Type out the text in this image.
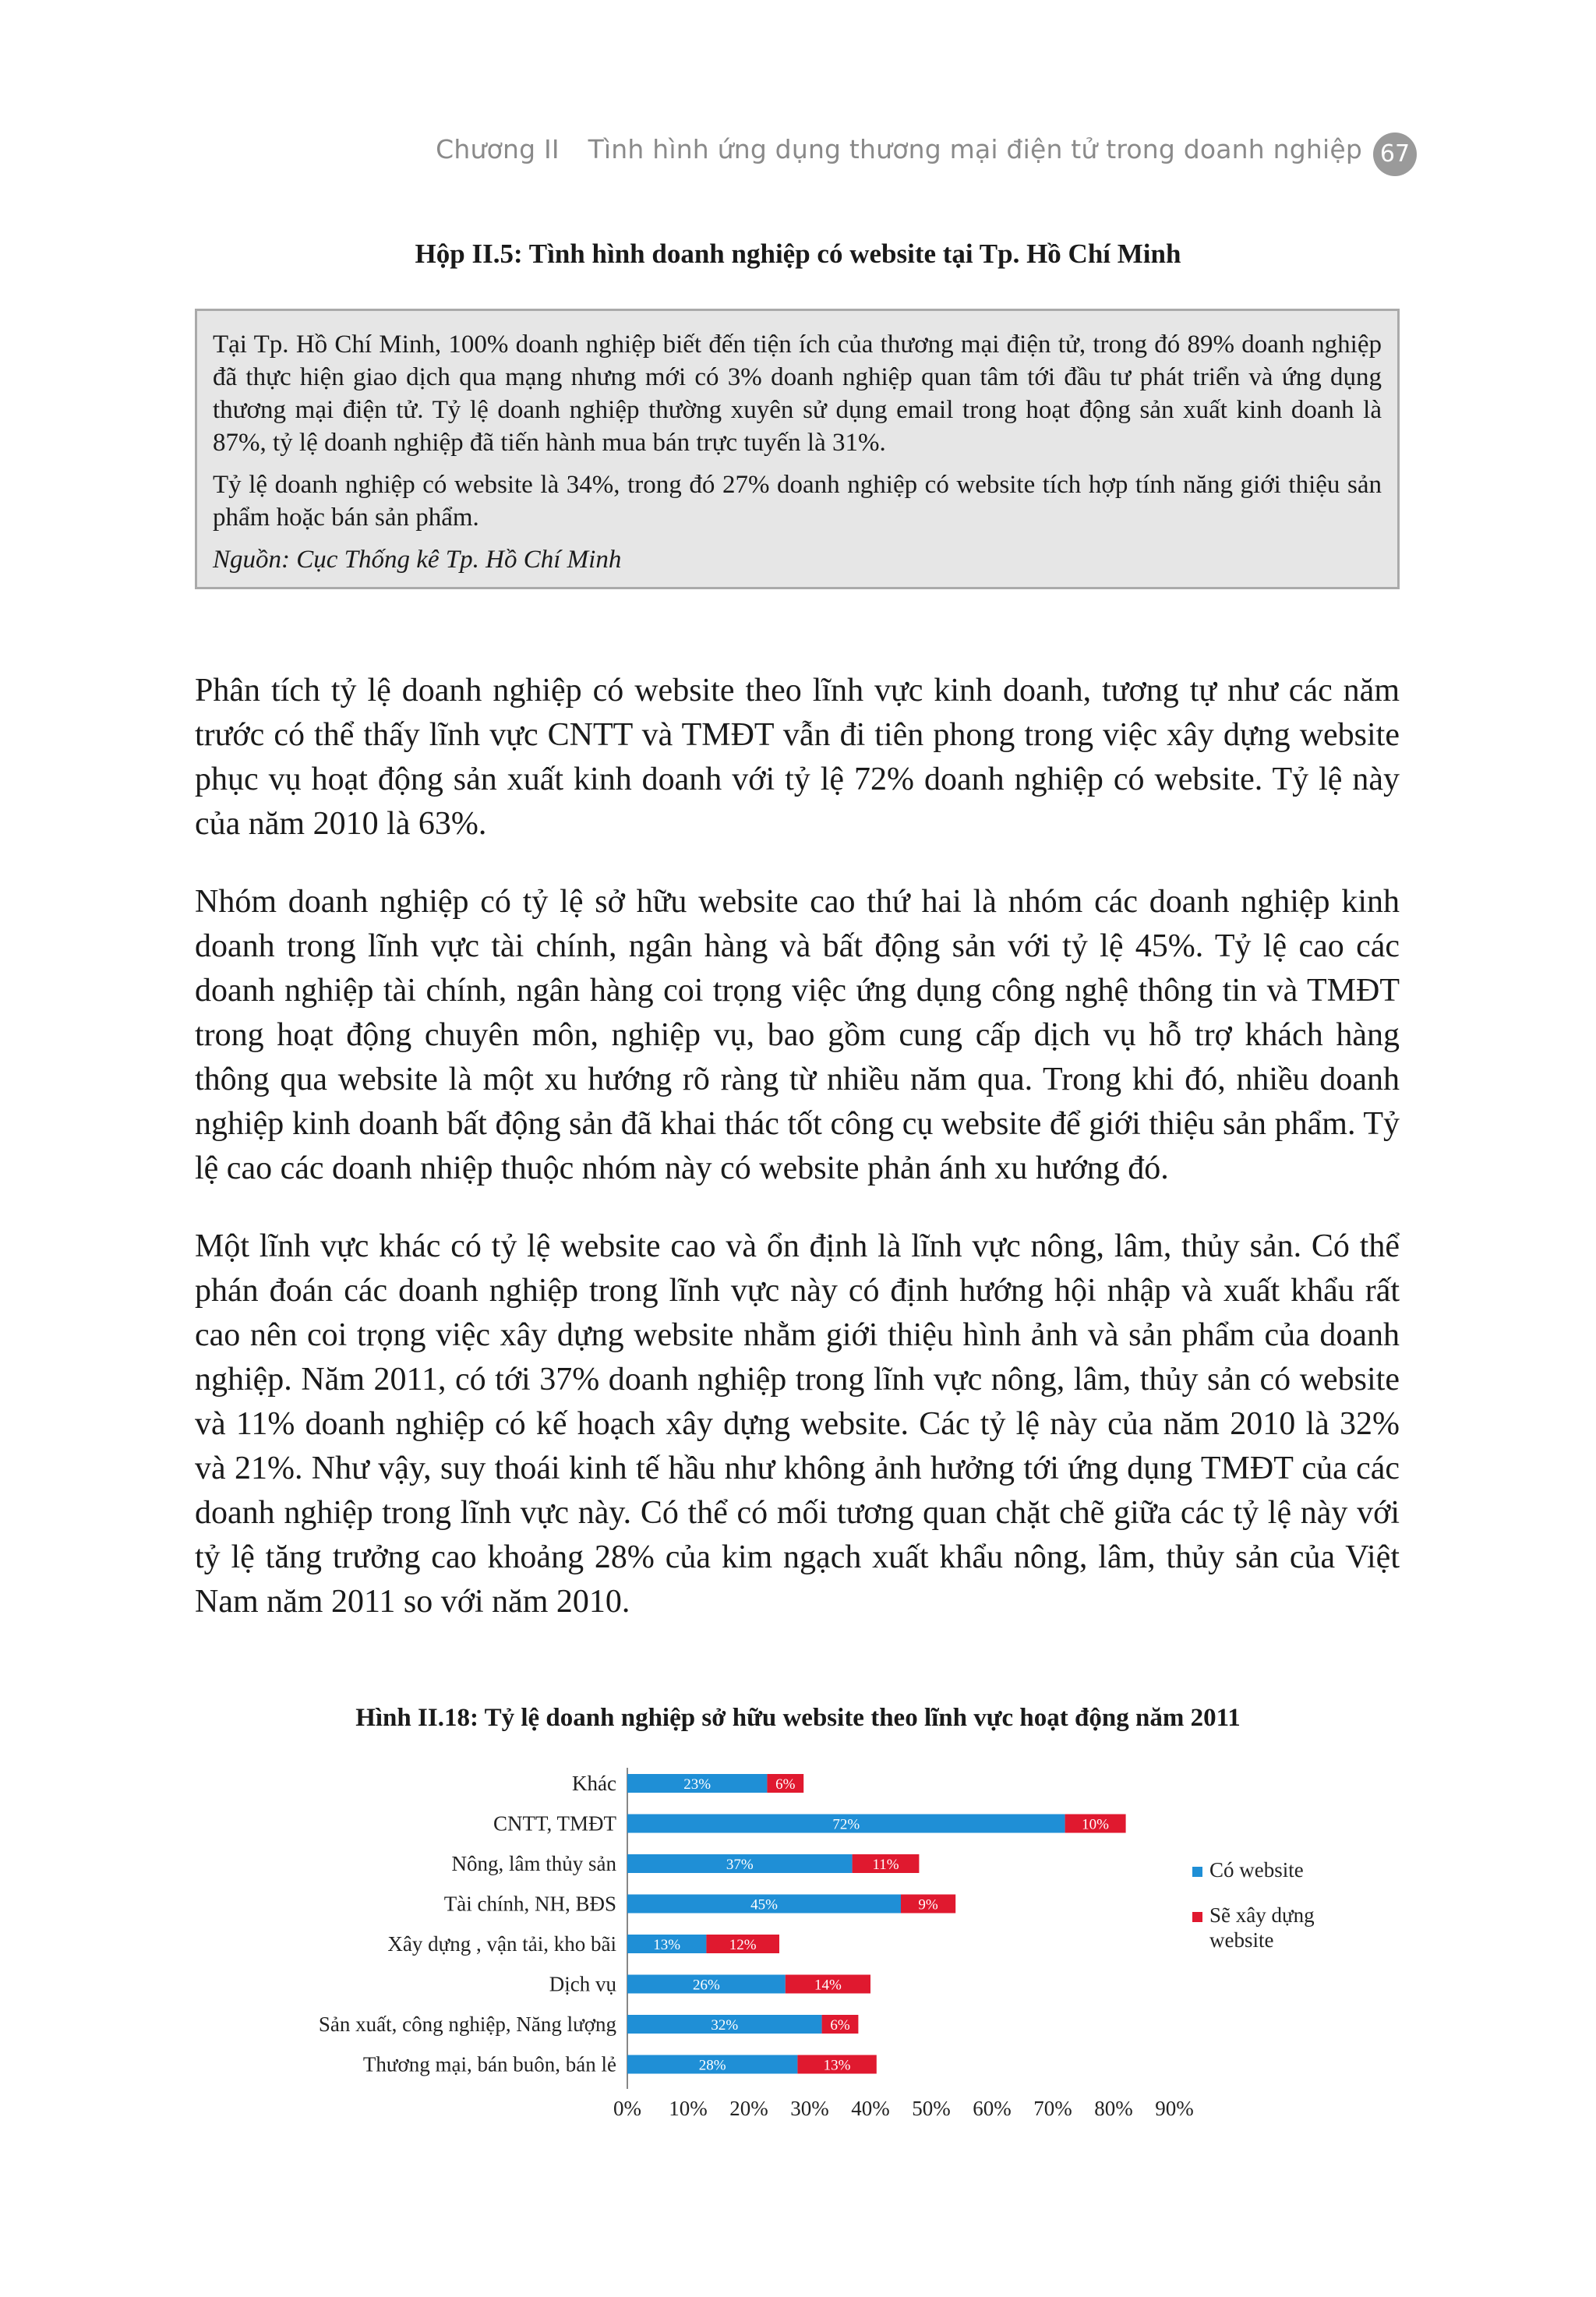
Chương II Tình hình ứng dụng thương mại điện tử trong doanh nghiệp 67
Hộp II.5: Tình hình doanh nghiệp có website tại Tp. Hồ Chí Minh

Tại Tp. Hồ Chí Minh, 100% doanh nghiệp biết đến tiện ích của thương mại điện tử, trong đó 89% doanh nghiệp đã thực hiện giao dịch qua mạng nhưng mới có 3% doanh nghiệp quan tâm tới đầu tư phát triển và ứng dụng thương mại điện tử. Tỷ lệ doanh nghiệp thường xuyên sử dụng email trong hoạt động sản xuất kinh doanh là 87%, tỷ lệ doanh nghiệp đã tiến hành mua bán trực tuyến là 31%.

Tỷ lệ doanh nghiệp có website là 34%, trong đó 27% doanh nghiệp có website tích hợp tính năng giới thiệu sản phẩm hoặc bán sản phẩm.

Nguồn: Cục Thống kê Tp. Hồ Chí Minh

Phân tích tỷ lệ doanh nghiệp có website theo lĩnh vực kinh doanh, tương tự như các năm trước có thể thấy lĩnh vực CNTT và TMĐT vẫn đi tiên phong trong việc xây dựng website phục vụ hoạt động sản xuất kinh doanh với tỷ lệ 72% doanh nghiệp có website. Tỷ lệ này của năm 2010 là 63%.

Nhóm doanh nghiệp có tỷ lệ sở hữu website cao thứ hai là nhóm các doanh nghiệp kinh doanh trong lĩnh vực tài chính, ngân hàng và bất động sản với tỷ lệ 45%. Tỷ lệ cao các doanh nghiệp tài chính, ngân hàng coi trọng việc ứng dụng công nghệ thông tin và TMĐT trong hoạt động chuyên môn, nghiệp vụ, bao gồm cung cấp dịch vụ hỗ trợ khách hàng thông qua website là một xu hướng rõ ràng từ nhiều năm qua. Trong khi đó, nhiều doanh nghiệp kinh doanh bất động sản đã khai thác tốt công cụ website để giới thiệu sản phẩm. Tỷ lệ cao các doanh nhiệp thuộc nhóm này có website phản ánh xu hướng đó.

Một lĩnh vực khác có tỷ lệ website cao và ổn định là lĩnh vực nông, lâm, thủy sản. Có thể phán đoán các doanh nghiệp trong lĩnh vực này có định hướng hội nhập và xuất khẩu rất cao nên coi trọng việc xây dựng website nhằm giới thiệu hình ảnh và sản phẩm của doanh nghiệp. Năm 2011, có tới 37% doanh nghiệp trong lĩnh vực nông, lâm, thủy sản có website và 11% doanh nghiệp có kế hoạch xây dựng website. Các tỷ lệ này của năm 2010 là 32% và 21%. Như vậy, suy thoái kinh tế hầu như không ảnh hưởng tới ứng dụng TMĐT của các doanh nghiệp trong lĩnh vực này. Có thể có mối tương quan chặt chẽ giữa các tỷ lệ này với tỷ lệ tăng trưởng cao khoảng 28% của kim ngạch xuất khẩu nông, lâm, thủy sản của Việt Nam năm 2011 so với năm 2010.

Hình II.18: Tỷ lệ doanh nghiệp sở hữu website theo lĩnh vực hoạt động năm 2011
Khác	23%	6%
CNTT, TMĐT	72%	10%
Nông, lâm thủy sản	37%	11%
Tài chính, NH, BĐS	45%	9%
Xây dựng , vận tải, kho bãi 13%	12%
Dịch vụ	26%	14%
Sản xuất, công nghiệp, Năng lượng	32%	6%
Thương mại, bán buôn, bán lẻ	28%	13%
0% 10% 20% 30% 40% 50% 60% 70% 80% 90%
Có website
Sẽ xây dựng
website
